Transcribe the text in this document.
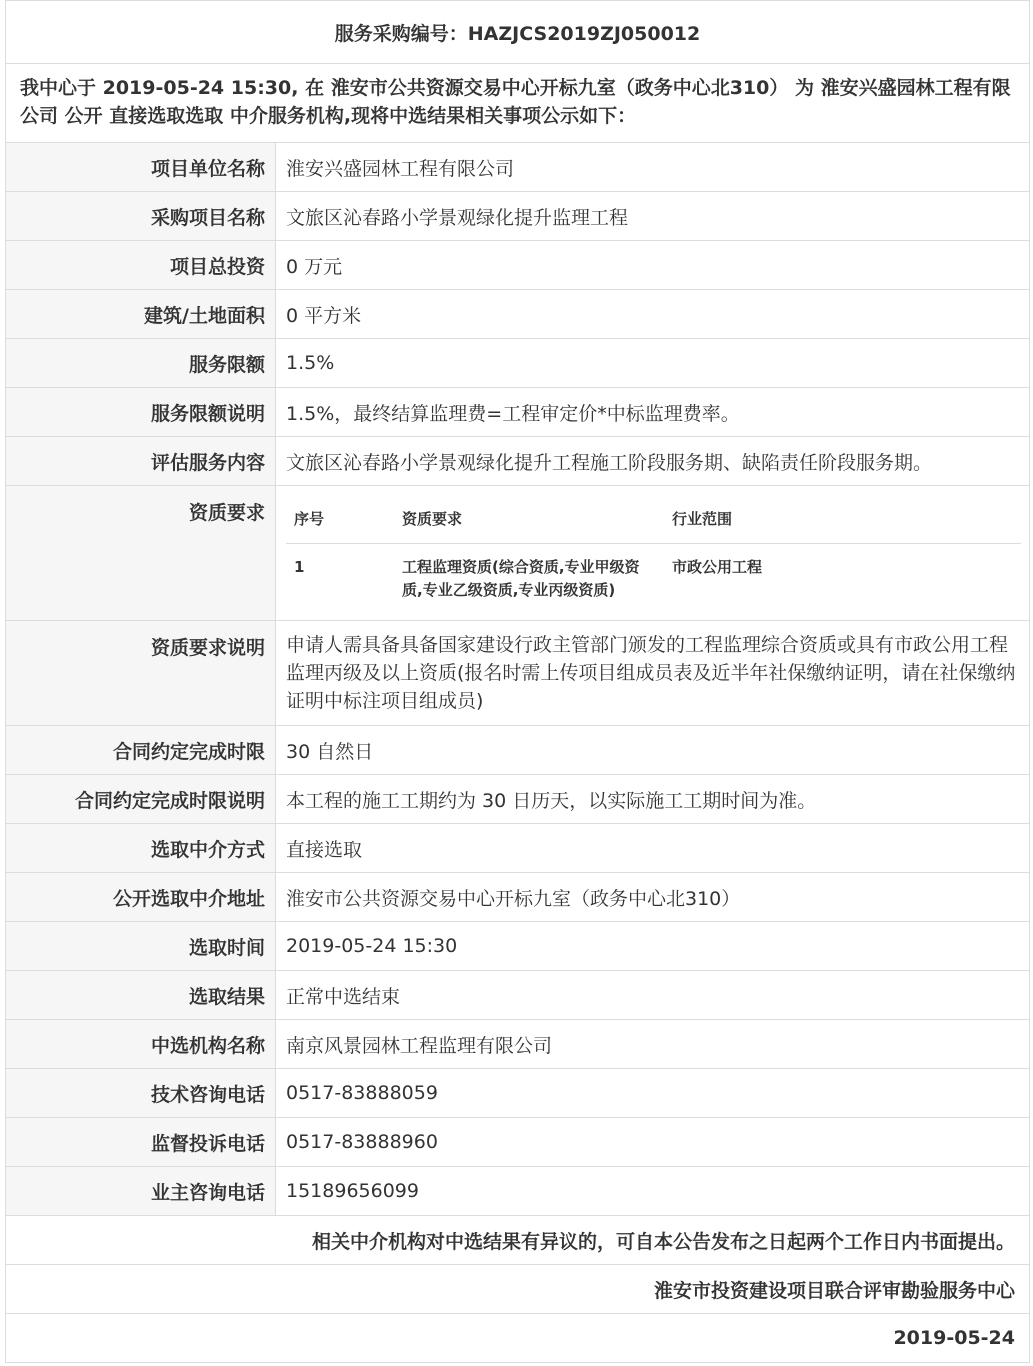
服务采购编号：HAZJCS2019ZJ050012
我中心于 2019-05-24 15:30, 在 淮安市公共资源交易中心开标九室（政务中心北310） 为 淮安兴盛园林工程有限公司 公开 直接选取选取 中介服务机构,现将中选结果相关事项公示如下：
项目单位名称	淮安兴盛园林工程有限公司
采购项目名称	文旅区沁春路小学景观绿化提升监理工程
项目总投资	0 万元
建筑/土地面积	0 平方米
服务限额	1.5%
服务限额说明	1.5%，最终结算监理费=工程审定价*中标监理费率。
评估服务内容	文旅区沁春路小学景观绿化提升工程施工阶段服务期、缺陷责任阶段服务期。
资质要求	序号	资质要求	行业范围
1	工程监理资质(综合资质,专业甲级资质,专业乙级资质,专业丙级资质)	市政公用工程

资质要求说明	申请人需具备具备国家建设行政主管部门颁发的工程监理综合资质或具有市政公用工程监理丙级及以上资质(报名时需上传项目组成员表及近半年社保缴纳证明，请在社保缴纳证明中标注项目组成员)
合同约定完成时限	30 自然日
合同约定完成时限说明	本工程的施工工期约为 30 日历天，以实际施工工期时间为准。
选取中介方式	直接选取
公开选取中介地址	淮安市公共资源交易中心开标九室（政务中心北310）
选取时间	2019-05-24 15:30
选取结果	正常中选结束
中选机构名称	南京风景园林工程监理有限公司
技术咨询电话	0517-83888059
监督投诉电话	0517-83888960
业主咨询电话	15189656099
相关中介机构对中选结果有异议的，可自本公告发布之日起两个工作日内书面提出。
淮安市投资建设项目联合评审勘验服务中心
2019-05-24
